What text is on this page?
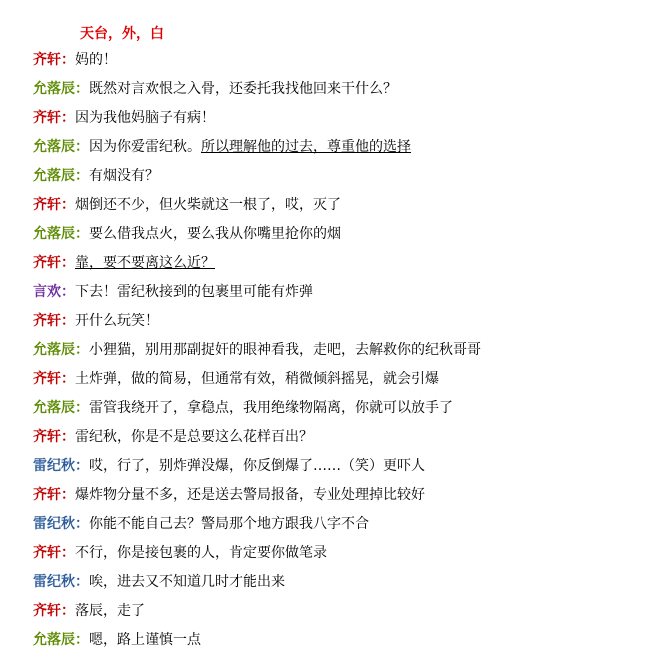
天台，外，白
齐轩：妈的！
允落辰：既然对言欢恨之入骨，还委托我找他回来干什么？
齐轩：因为我他妈脑子有病！
允落辰：因为你爱雷纪秋。所以理解他的过去，尊重他的选择
允落辰：有烟没有？
齐轩：烟倒还不少，但火柴就这一根了，哎，灭了
允落辰：要么借我点火，要么我从你嘴里抢你的烟
齐轩：靠，要不要离这么近？
言欢：下去！雷纪秋接到的包裹里可能有炸弹
齐轩：开什么玩笑！
允落辰：小狸猫，别用那副捉奸的眼神看我，走吧，去解救你的纪秋哥哥
齐轩：土炸弹，做的简易，但通常有效，稍微倾斜摇晃，就会引爆
允落辰：雷管我绕开了，拿稳点，我用绝缘物隔离，你就可以放手了
齐轩：雷纪秋，你是不是总要这么花样百出？
雷纪秋：哎，行了，别炸弹没爆，你反倒爆了……（笑）更吓人
齐轩：爆炸物分量不多，还是送去警局报备，专业处理掉比较好
雷纪秋：你能不能自己去？警局那个地方跟我八字不合
齐轩：不行，你是接包裹的人，肯定要你做笔录
雷纪秋：唉，进去又不知道几时才能出来
齐轩：落辰，走了
允落辰：嗯，路上谨慎一点
